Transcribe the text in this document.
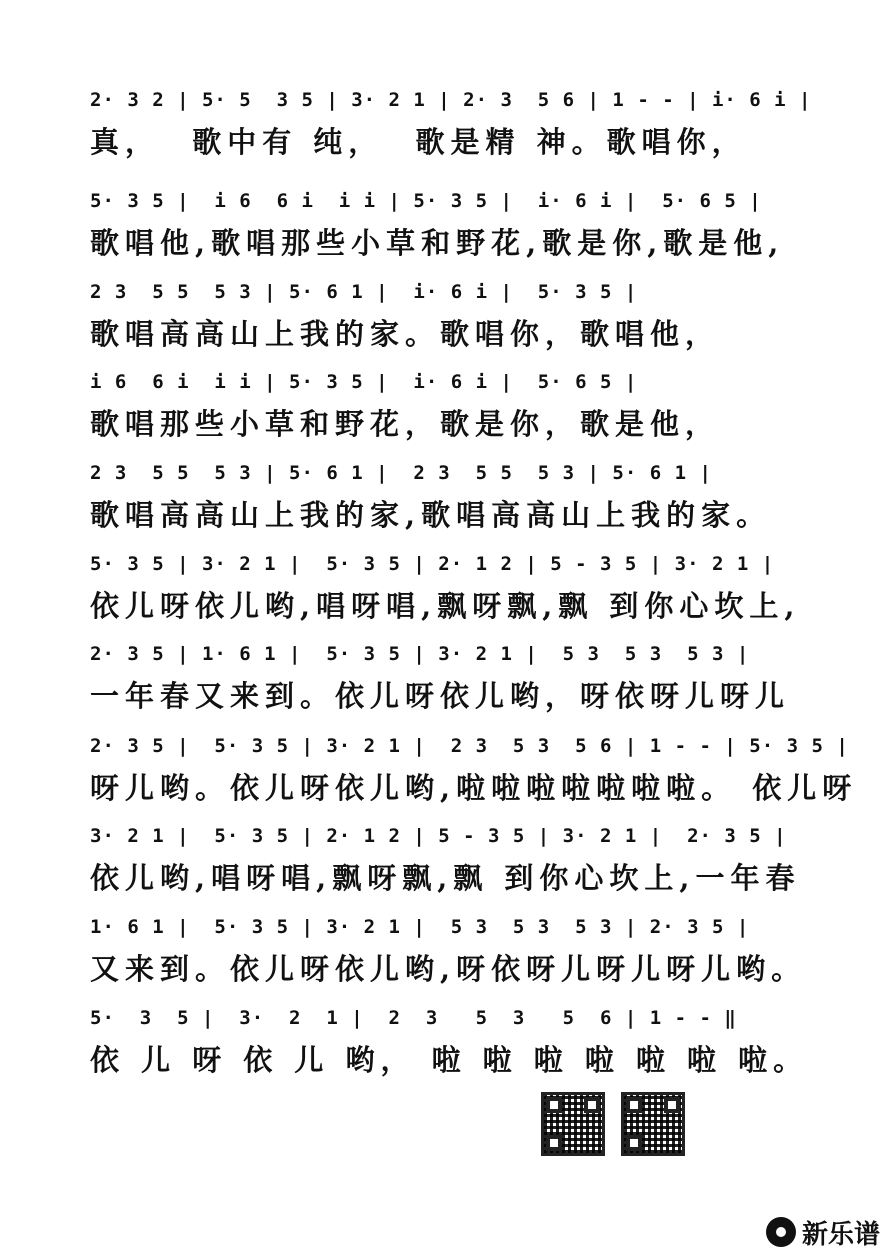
2· 3 2 | 5· 5  3 5 | 3· 2 1 | 2· 3  5 6 | 1 - - | i· 6 i |
真，  歌中有 纯，  歌是精 神。歌唱你，
5· 3 5 |  i 6  6 i  i i | 5· 3 5 |  i· 6 i |  5· 6 5 |
歌唱他,歌唱那些小草和野花,歌是你,歌是他,
2 3  5 5  5 3 | 5· 6 1 |  i· 6 i |  5· 3 5 |
歌唱高高山上我的家。歌唱你，歌唱他，
i 6  6 i  i i | 5· 3 5 |  i· 6 i |  5· 6 5 |
歌唱那些小草和野花，歌是你，歌是他，
2 3  5 5  5 3 | 5· 6 1 |  2 3  5 5  5 3 | 5· 6 1 |
歌唱高高山上我的家,歌唱高高山上我的家。
5· 3 5 | 3· 2 1 |  5· 3 5 | 2· 1 2 | 5 - 3 5 | 3· 2 1 |
依儿呀依儿哟,唱呀唱,飘呀飘,飘 到你心坎上,
2· 3 5 | 1· 6 1 |  5· 3 5 | 3· 2 1 |  5 3  5 3  5 3 |
一年春又来到。依儿呀依儿哟，呀依呀儿呀儿
2· 3 5 |  5· 3 5 | 3· 2 1 |  2 3  5 3  5 6 | 1 - - | 5· 3 5 |
呀儿哟。依儿呀依儿哟,啦啦啦啦啦啦啦。 依儿呀
3· 2 1 |  5· 3 5 | 2· 1 2 | 5 - 3 5 | 3· 2 1 |  2· 3 5 |
依儿哟,唱呀唱,飘呀飘,飘 到你心坎上,一年春
1· 6 1 |  5· 3 5 | 3· 2 1 |  5 3  5 3  5 3 | 2· 3 5 |
又来到。依儿呀依儿哟,呀依呀儿呀儿呀儿哟。
5·  3  5 |  3·  2  1 |  2  3   5  3   5  6 | 1 - - ‖
依 儿 呀 依 儿 哟， 啦 啦 啦 啦 啦 啦 啦。
新乐谱
